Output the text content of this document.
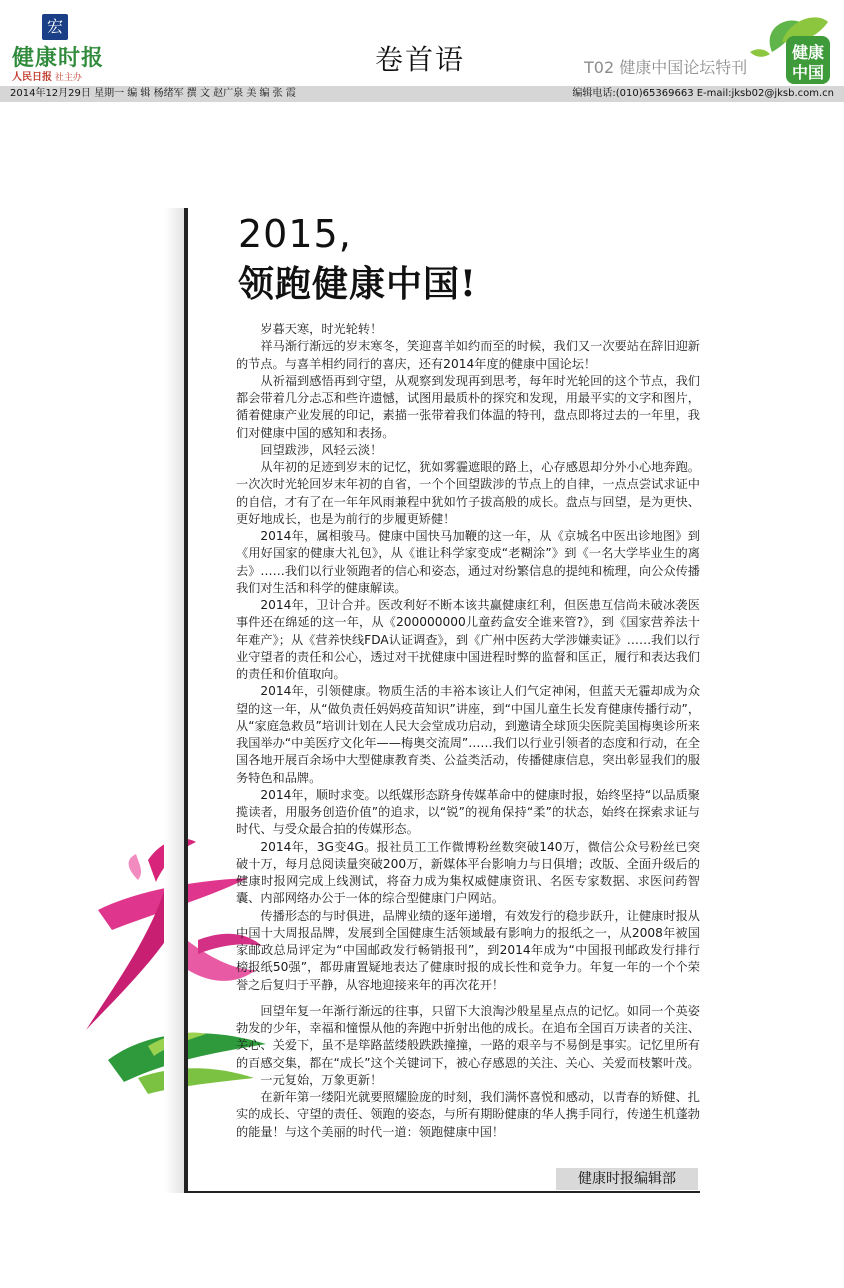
宏
健康时报
人民日报 社主办
卷首语	T02 健康中国论坛特刊
健康
中国
2014年12月29日 星期一 编 辑 杨绪军 撰 文 赵广泉 美 编 张 霞	编辑电话:(010)65369663 E-mail:jksb02@jksb.com.cn
2015,
领跑健康中国!

岁暮天寒，时光轮转！

祥马渐行渐远的岁末寒冬，笑迎喜羊如约而至的时候，我们又一次要站在辞旧迎新的节点。与喜羊相约同行的喜庆，还有2014年度的健康中国论坛！

从祈福到感悟再到守望，从观察到发现再到思考，每年时光轮回的这个节点，我们都会带着几分忐忑和些许遗憾，试图用最质朴的探究和发现，用最平实的文字和图片，循着健康产业发展的印记，素描一张带着我们体温的特刊，盘点即将过去的一年里，我们对健康中国的感知和表扬。

回望跋涉，风轻云淡！

从年初的足迹到岁末的记忆，犹如雾霾遮眼的路上，心存感恩却分外小心地奔跑。一次次时光轮回岁末年初的自省，一个个回望跋涉的节点上的自律，一点点尝试求证中的自信，才有了在一年年风雨兼程中犹如竹子拔高般的成长。盘点与回望，是为更快、更好地成长，也是为前行的步履更矫健！

2014年，属相骏马。健康中国快马加鞭的这一年，从《京城名中医出诊地图》到《用好国家的健康大礼包》，从《谁让科学家变成“老糊涂”》到《一名大学毕业生的离去》……我们以行业领跑者的信心和姿态，通过对纷繁信息的提纯和梳理，向公众传播我们对生活和科学的健康解读。

2014年，卫计合并。医改利好不断本该共赢健康红利，但医患互信尚未破冰袭医事件还在绵延的这一年，从《200000000儿童药盒安全谁来管?》，到《国家营养法十年难产》；从《营养快线FDA认证调查》，到《广州中医药大学涉嫌卖证》……我们以行业守望者的责任和公心，透过对干扰健康中国进程时弊的监督和匡正，履行和表达我们的责任和价值取向。

2014年，引领健康。物质生活的丰裕本该让人们气定神闲，但蓝天无霾却成为众望的这一年，从“做负责任妈妈疫苗知识”讲座，到“中国儿童生长发育健康传播行动”，从“家庭急救员”培训计划在人民大会堂成功启动，到邀请全球顶尖医院美国梅奥诊所来我国举办“中美医疗文化年——梅奥交流周”……我们以行业引领者的态度和行动，在全国各地开展百余场中大型健康教育类、公益类活动，传播健康信息，突出彰显我们的服务特色和品牌。

2014年，顺时求变。以纸媒形态跻身传媒革命中的健康时报，始终坚持“以品质聚揽读者，用服务创造价值”的追求，以“锐”的视角保持“柔”的状态，始终在探索求证与时代、与受众最合拍的传媒形态。

2014年，3G变4G。报社员工工作微博粉丝数突破140万，微信公众号粉丝已突破十万，每月总阅读量突破200万，新媒体平台影响力与日俱增；改版、全面升级后的健康时报网完成上线测试，将奋力成为集权威健康资讯、名医专家数据、求医问药智囊、内部网络办公于一体的综合型健康门户网站。

传播形态的与时俱进，品牌业绩的逐年递增，有效发行的稳步跃升，让健康时报从中国十大周报品牌，发展到全国健康生活领域最有影响力的报纸之一，从2008年被国家邮政总局评定为“中国邮政发行畅销报刊”，到2014年成为“中国报刊邮政发行排行榜报纸50强”，都毋庸置疑地表达了健康时报的成长性和竞争力。年复一年的一个个荣誉之后复归于平静，从容地迎接来年的再次花开！

回望年复一年渐行渐远的往事，只留下大浪淘沙般星星点点的记忆。如同一个英姿勃发的少年，幸福和憧憬从他的奔跑中折射出他的成长。在追布全国百万读者的关注、关心、关爱下，虽不是筚路蓝缕般跌跌撞撞，一路的艰辛与不易倒是事实。记忆里所有的百感交集，都在“成长”这个关键词下，被心存感恩的关注、关心、关爱而枝繁叶茂。

一元复始，万象更新！

在新年第一缕阳光就要照耀脸庞的时刻，我们满怀喜悦和感动，以青春的矫健、扎实的成长、守望的责任、领跑的姿态，与所有期盼健康的华人携手同行，传递生机蓬勃的能量！与这个美丽的时代一道：领跑健康中国！

健康时报编辑部
